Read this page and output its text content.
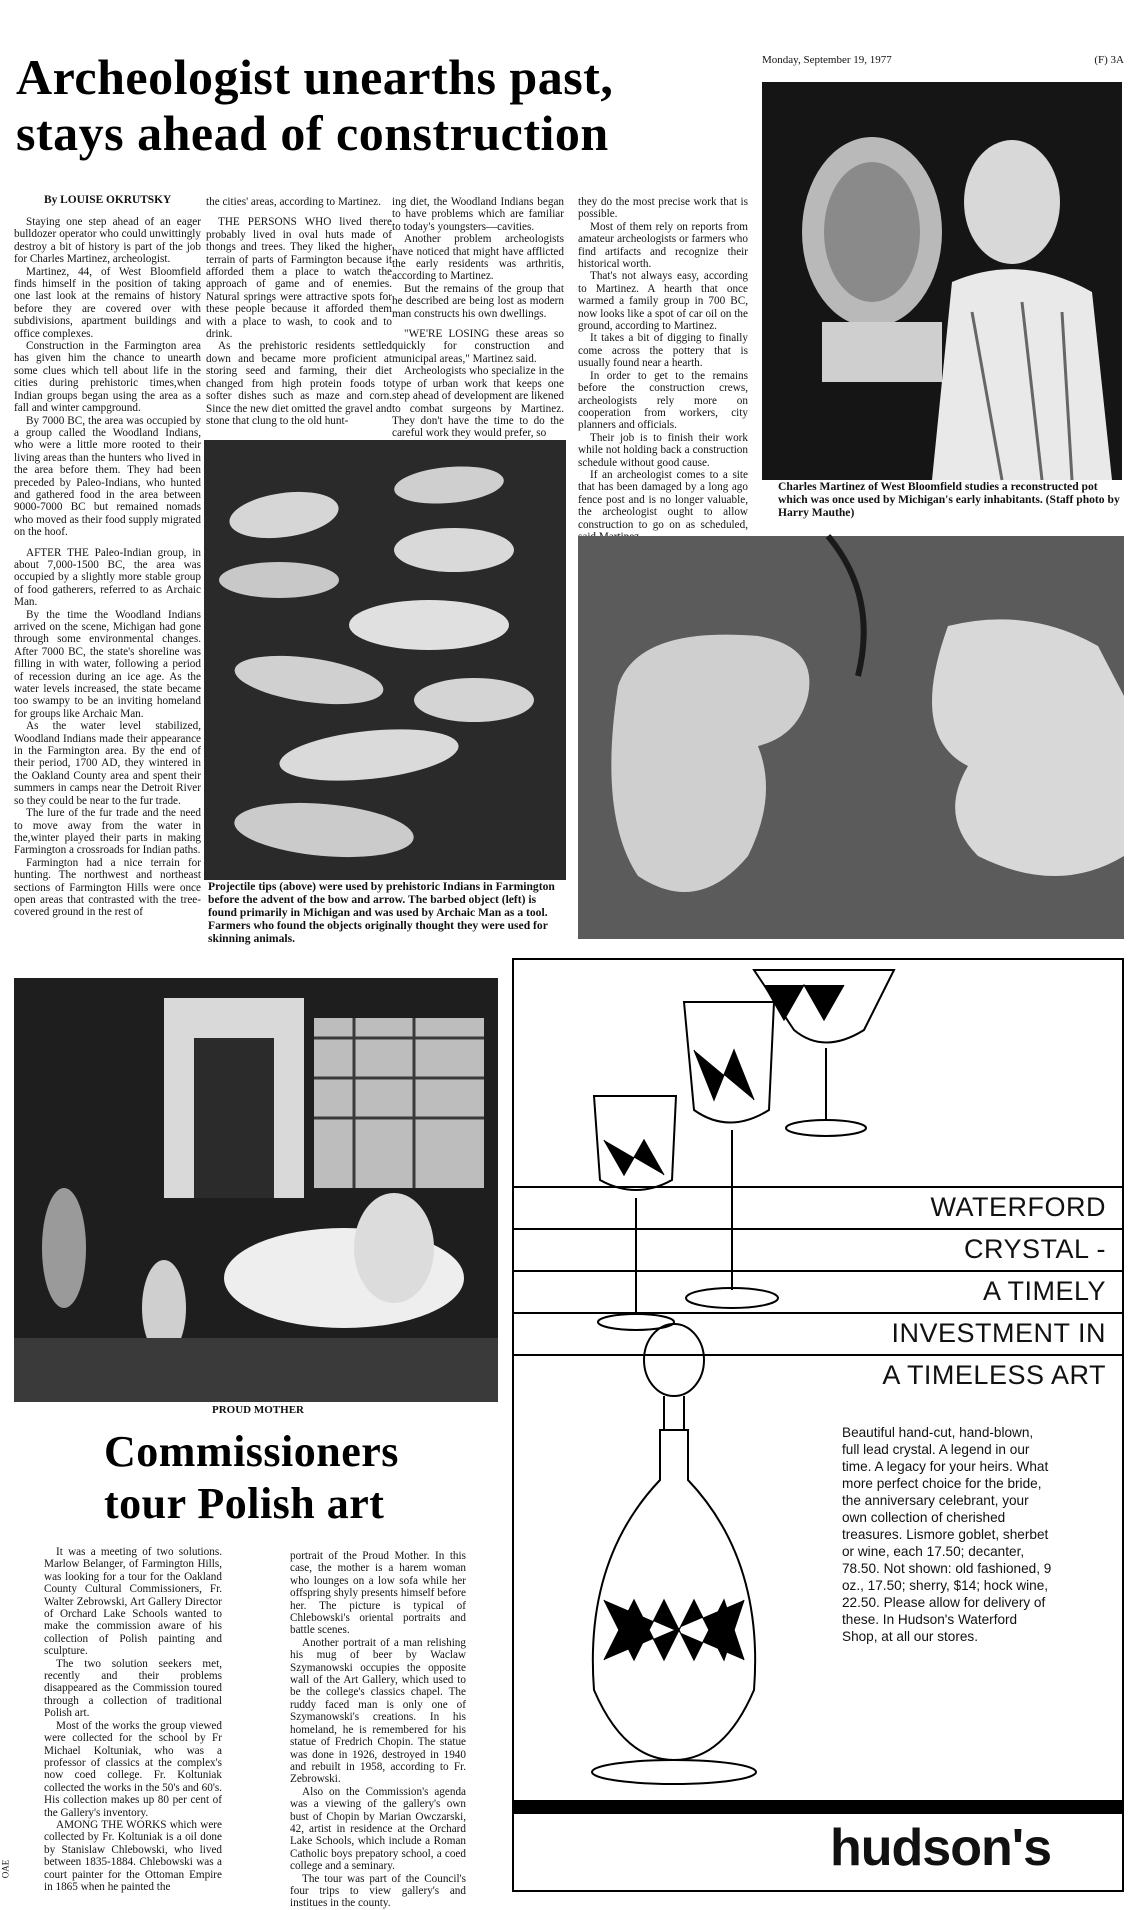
Archeologist unearths past,
stays ahead of construction
Monday, September 19, 1977	(F) 3A
By LOUISE OKRUTSKY

Staying one step ahead of an eager bulldozer operator who could unwittingly destroy a bit of history is part of the job for Charles Martinez, archeologist.

Martinez, 44, of West Bloomfield finds himself in the position of taking one last look at the remains of history before they are covered over with subdivisions, apartment buildings and office complexes.

Construction in the Farmington area has given him the chance to unearth some clues which tell about life in the cities during prehistoric times,when Indian groups began using the area as a fall and winter campground.

By 7000 BC, the area was occupied by a group called the Woodland Indians, who were a little more rooted to their living areas than the hunters who lived in the area before them. They had been preceded by Paleo-Indians, who hunted and gathered food in the area between 9000-7000 BC but remained nomads who moved as their food supply migrated on the hoof.

AFTER THE Paleo-Indian group, in about 7,000-1500 BC, the area was occupied by a slightly more stable group of food gatherers, referred to as Archaic Man.

By the time the Woodland Indians arrived on the scene, Michigan had gone through some environmental changes. After 7000 BC, the state's shoreline was filling in with water, following a period of recession during an ice age. As the water levels increased, the state became too swampy to be an inviting homeland for groups like Archaic Man.

As the water level stabilized, Woodland Indians made their appearance in the Farmington area. By the end of their period, 1700 AD, they wintered in the Oakland County area and spent their summers in camps near the Detroit River so they could be near to the fur trade.

The lure of the fur trade and the need to move away from the water in the,winter played their parts in making Farmington a crossroads for Indian paths.

Farmington had a nice terrain for hunting. The northwest and northeast sections of Farmington Hills were once open areas that contrasted with the tree-covered ground in the rest of

the cities' areas, according to Martinez.

THE PERSONS WHO lived there probably lived in oval huts made of thongs and trees. They liked the higher terrain of parts of Farmington because it afforded them a place to watch the approach of game and of enemies. Natural springs were attractive spots for these people because it afforded them with a place to wash, to cook and to drink.

As the prehistoric residents settled down and became more proficient at storing seed and farming, their diet changed from high protein foods to softer dishes such as maze and corn. Since the new diet omitted the gravel and stone that clung to the old hunt-

ing diet, the Woodland Indians began to have problems which are familiar to today's youngsters—cavities.

Another problem archeologists have noticed that might have afflicted the early residents was arthritis, according to Martinez.

But the remains of the group that he described are being lost as modern man constructs his own dwellings.

"WE'RE LOSING these areas so quickly for construction and municipal areas," Martinez said.

Archeologists who specialize in the type of urban work that keeps one step ahead of development are likened to combat surgeons by Martinez. They don't have the time to do the careful work they would prefer, so

they do the most precise work that is possible.

Most of them rely on reports from amateur archeologists or farmers who find artifacts and recognize their historical worth.

That's not always easy, according to Martinez. A hearth that once warmed a family group in 700 BC, now looks like a spot of car oil on the ground, according to Martinez.

It takes a bit of digging to finally come across the pottery that is usually found near a hearth.

In order to get to the remains before the construction crews, archeologists rely more on cooperation from workers, city planners and officials.

Their job is to finish their work while not holding back a construction schedule without good cause.

If an archeologist comes to a site that has been damaged by a long ago fence post and is no longer valuable, the archeologist ought to allow construction to go on as scheduled,

Charles Martinez of West Bloomfield studies a reconstructed pot which was once used by Michigan's early inhabitants. (Staff photo by Harry Mauthe)
Projectile tips (above) were used by prehistoric Indians in Farmington before the advent of the bow and arrow. The barbed object (left) is found primarily in Michigan and was used by Archaic Man as a tool. Farmers who found the objects originally thought they were used for skinning animals.
PROUD MOTHER
Commissioners
tour Polish art

It was a meeting of two solutions. Marlow Belanger, of Farmington Hills, was looking for a tour for the Oakland County Cultural Commissioners, Fr. Walter Zebrowski, Art Gallery Director of Orchard Lake Schools wanted to make the commission aware of his collection of Polish painting and sculpture.

The two solution seekers met, recently and their problems disappeared as the Commission toured through a collection of traditional Polish art.

Most of the works the group viewed were collected for the school by Fr Michael Koltuniak, who was a professor of classics at the complex's now coed college. Fr. Koltuniak collected the works in the 50's and 60's. His collection makes up 80 per cent of the Gallery's inventory.

AMONG THE WORKS which were collected by Fr. Koltuniak is a oil done by Stanislaw Chlebowski, who lived between 1835-1884. Chlebowski was a court painter for the Ottoman Empire in 1865 when he painted the

portrait of the Proud Mother. In this case, the mother is a harem woman who lounges on a low sofa while her offspring shyly presents himself before her. The picture is typical of Chlebowski's oriental portraits and battle scenes.

Another portrait of a man relishing his mug of beer by Waclaw Szymanowski occupies the opposite wall of the Art Gallery, which used to be the college's classics chapel. The ruddy faced man is only one of Szymanowski's creations. In his homeland, he is remembered for his statue of Fredrich Chopin. The statue was done in 1926, destroyed in 1940 and rebuilt in 1958, according to Fr. Zebrowski.

Also on the Commission's agenda was a viewing of the gallery's own bust of Chopin by Marian Owczarski, 42, artist in residence at the Orchard Lake Schools, which include a Roman Catholic boys prepatory school, a coed college and a seminary.

The tour was part of the Council's four trips to view gallery's and institues in the county.

OAE
WATERFORD
CRYSTAL -
A TIMELY
INVESTMENT IN
A TIMELESS ART
Beautiful hand-cut, hand-blown, full lead crystal. A legend in our time. A legacy for your heirs. What more perfect choice for the bride, the anniversary celebrant, your own collection of cherished treasures. Lismore goblet, sherbet or wine, each 17.50; decanter, 78.50. Not shown: old fashioned, 9 oz., 17.50; sherry, $14; hock wine, 22.50. Please allow for delivery of these. In Hudson's Waterford Shop, at all our stores.
hudson's
